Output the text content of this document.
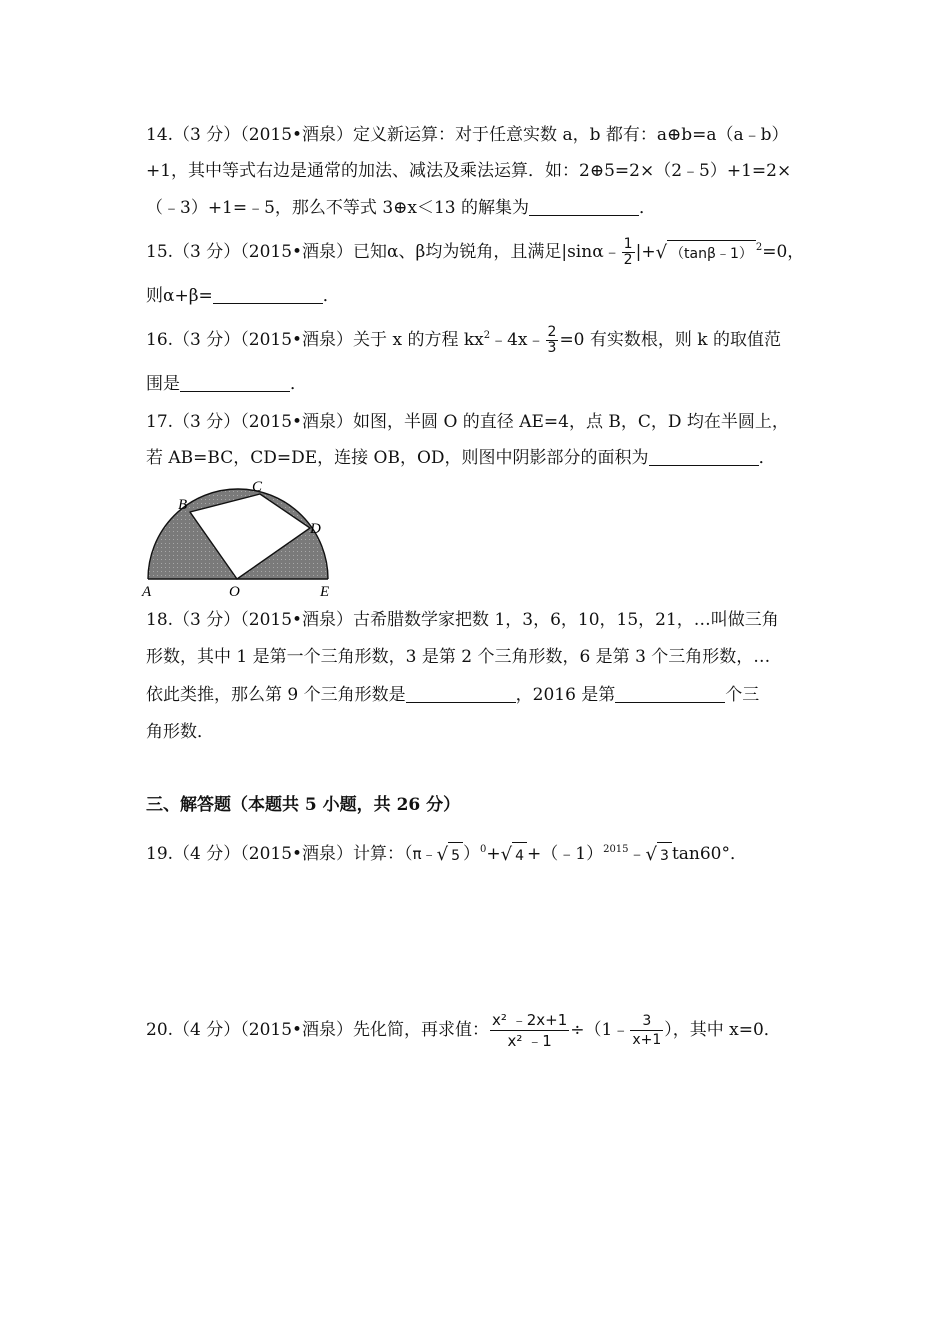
14.（3 分）（2015•酒泉）定义新运算：对于任意实数 a，b 都有：a⊕b=a（a﹣b）
+1，其中等式右边是通常的加法、减法及乘法运算．如：2⊕5=2×（2﹣5）+1=2×
（﹣3）+1=﹣5，那么不等式 3⊕x＜13 的解集为	．
15.（3 分）（2015•酒泉）已知α、β均为锐角，且满足|sinα﹣ $\frac{1}{2}$ |+√ （tanβ﹣1） $^2$=0，
则α+β=	．
16.（3 分）（2015•酒泉）关于 x 的方程 $kx^2﹣4x﹣ \frac{2}{3} =0$ 有实数根，则 k 的取值范
围是	．
17.（3 分）（2015•酒泉）如图，半圆 O 的直径 AE=4，点 B，C，D 均在半圆上，
若 AB=BC，CD=DE，连接 OB，OD，则图中阴影部分的面积为	．
A
B
C
D
O	E
18.（3 分）（2015•酒泉）古希腊数学家把数 1，3，6，10，15，21，…叫做三角
形数，其中 1 是第一个三角形数，3 是第 2 个三角形数，6 是第 3 个三角形数，…
依此类推，那么第 9 个三角形数是	，2016 是第	个三
角形数．
三、解答题（本题共 5 小题，共 26 分）
19.（4 分）（2015•酒泉）计算：（π﹣√ 5 ）$^0$+√ 4 +（﹣1）$^{2015}$﹣√ 3 tan60°．
20.（4 分）（2015•酒泉）先化简，再求值： $\frac{\text{x² ﹣2x+1}}{\text{x² ﹣1}}$ ÷（1﹣ $\frac{3}{x+1}$ ），其中 x=0．
